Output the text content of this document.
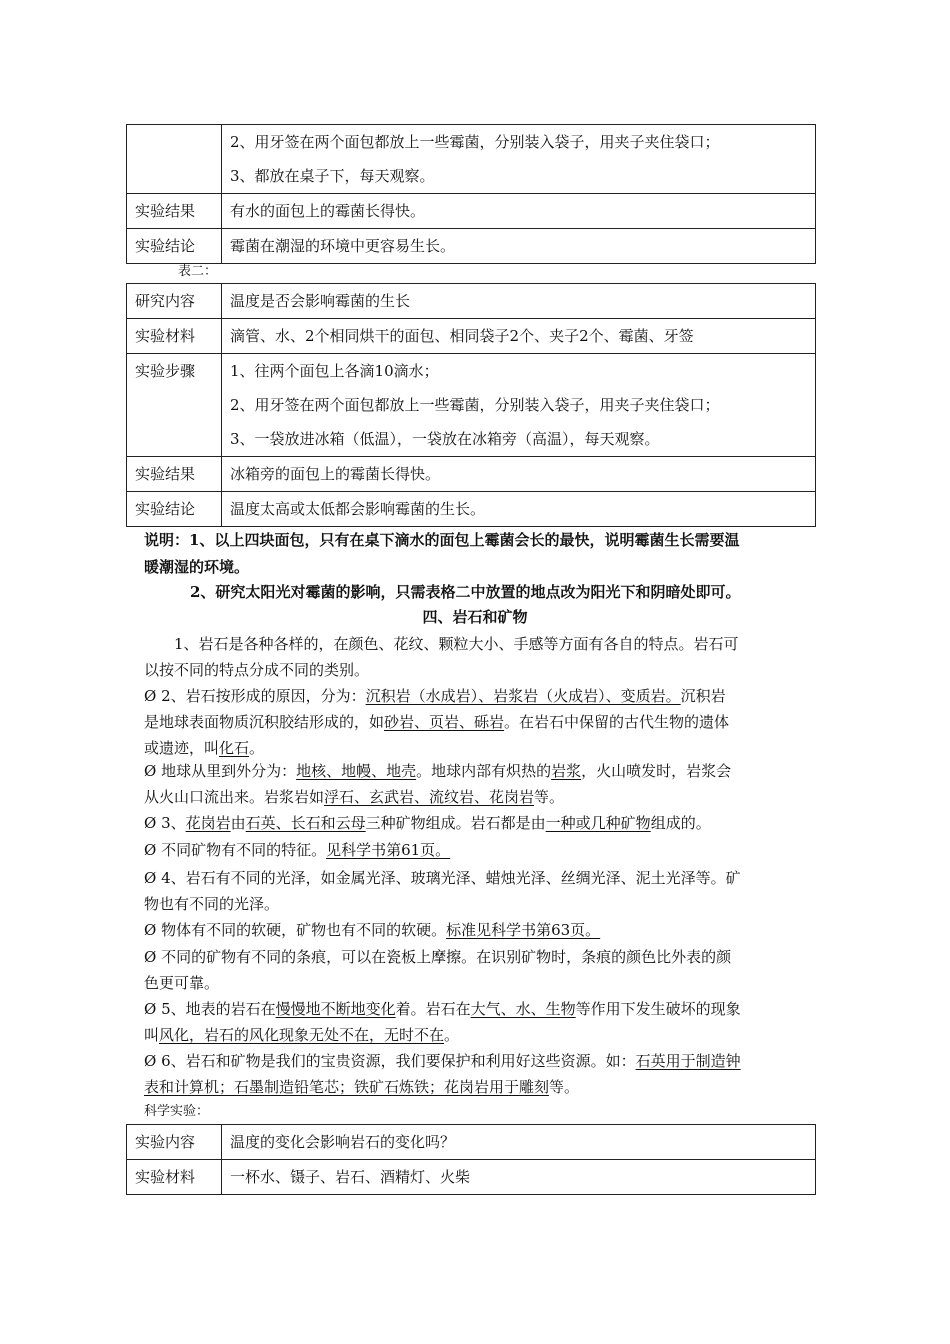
	2、用牙签在两个面包都放上一些霉菌，分别装入袋子，用夹子夹住袋口；
3、都放在桌子下，每天观察。

实验结果	有水的面包上的霉菌长得快。

实验结论	霉菌在潮湿的环境中更容易生长。
表二：
研究内容	温度是否会影响霉菌的生长

实验材料	滴管、水、2个相同烘干的面包、相同袋子2个、夹子2个、霉菌、牙签

实验步骤	1、往两个面包上各滴10滴水；
2、用牙签在两个面包都放上一些霉菌，分别装入袋子，用夹子夹住袋口；
3、一袋放进冰箱（低温），一袋放在冰箱旁（高温），每天观察。

实验结果	冰箱旁的面包上的霉菌长得快。

实验结论	温度太高或太低都会影响霉菌的生长。
说明：1、以上四块面包，只有在桌下滴水的面包上霉菌会长的最快，说明霉菌生长需要温
暖潮湿的环境。
2、研究太阳光对霉菌的影响，只需表格二中放置的地点改为阳光下和阴暗处即可。
四、岩石和矿物
1、岩石是各种各样的，在颜色、花纹、颗粒大小、手感等方面有各自的特点。岩石可
以按不同的特点分成不同的类别。
Ø 2、岩石按形成的原因，分为：沉积岩（水成岩）、岩浆岩（火成岩）、变质岩。沉积岩
是地球表面物质沉积胶结形成的，如砂岩、页岩、砾岩。在岩石中保留的古代生物的遗体
或遗迹，叫化石。
Ø 地球从里到外分为：地核、地幔、地壳。地球内部有炽热的岩浆，火山喷发时，岩浆会
从火山口流出来。岩浆岩如浮石、玄武岩、流纹岩、花岗岩等。
Ø 3、花岗岩由石英、长石和云母三种矿物组成。岩石都是由一种或几种矿物组成的。
Ø 不同矿物有不同的特征。见科学书第61页。
Ø 4、岩石有不同的光泽，如金属光泽、玻璃光泽、蜡烛光泽、丝绸光泽、泥土光泽等。矿
物也有不同的光泽。
Ø 物体有不同的软硬，矿物也有不同的软硬。标准见科学书第63页。
Ø 不同的矿物有不同的条痕，可以在瓷板上摩擦。在识别矿物时，条痕的颜色比外表的颜
色更可靠。
Ø 5、地表的岩石在慢慢地不断地变化着。岩石在大气、水、生物等作用下发生破坏的现象
叫风化，岩石的风化现象无处不在，无时不在。
Ø 6、岩石和矿物是我们的宝贵资源，我们要保护和利用好这些资源。如：石英用于制造钟
表和计算机；石墨制造铅笔芯；铁矿石炼铁；花岗岩用于雕刻等。
科学实验：
实验内容	温度的变化会影响岩石的变化吗？

实验材料	一杯水、镊子、岩石、酒精灯、火柴
